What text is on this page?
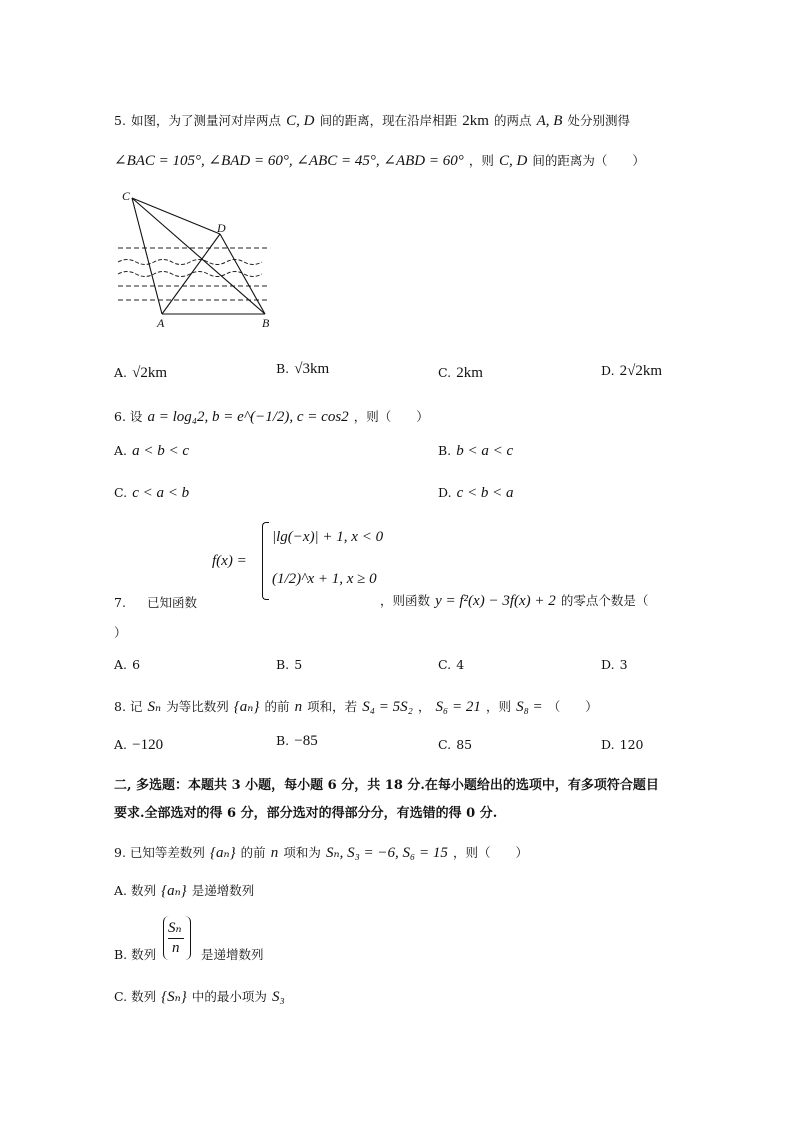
5. 如图，为了测量河对岸两点 C, D 间的距离，现在沿岸相距 2km 的两点 A, B 处分别测得
∠BAC = 105°, ∠BAD = 60°, ∠ABC = 45°, ∠ABD = 60° ，则 C, D 间的距离为（　　）
C
D
A	B
A. √2km	B. √3km	C. 2km	D. 2√2km
6. 设 a = log₄2, b = e^(−1/2), c = cos2 ，则（　　）
A. a < b < c	B. b < a < c
C. c < a < b	D. c < b < a
f(x) =
|lg(−x)| + 1, x < 0
(1/2)^x + 1, x ≥ 0
7. 已知函数	，则函数 y = f²(x) − 3f(x) + 2 的零点个数是（
）
A. 6	B. 5	C. 4	D. 3
8. 记 Sₙ 为等比数列 {aₙ} 的前 n 项和，若 S₄ = 5S₂ ， S₆ = 21 ，则 S₈ = （　　）
A. −120	B. −85	C. 85	D. 120
二, 多选题：本题共 3 小题，每小题 6 分，共 18 分.在每小题给出的选项中，有多项符合题目
要求.全部选对的得 6 分，部分选对的得部分分，有选错的得 0 分.
9. 已知等差数列 {aₙ} 的前 n 项和为 Sₙ, S₃ = −6, S₆ = 15 ，则（　　）
A. 数列 {aₙ} 是递增数列
B. 数列
Sₙ
n 是递增数列
C. 数列 {Sₙ} 中的最小项为 S₃
